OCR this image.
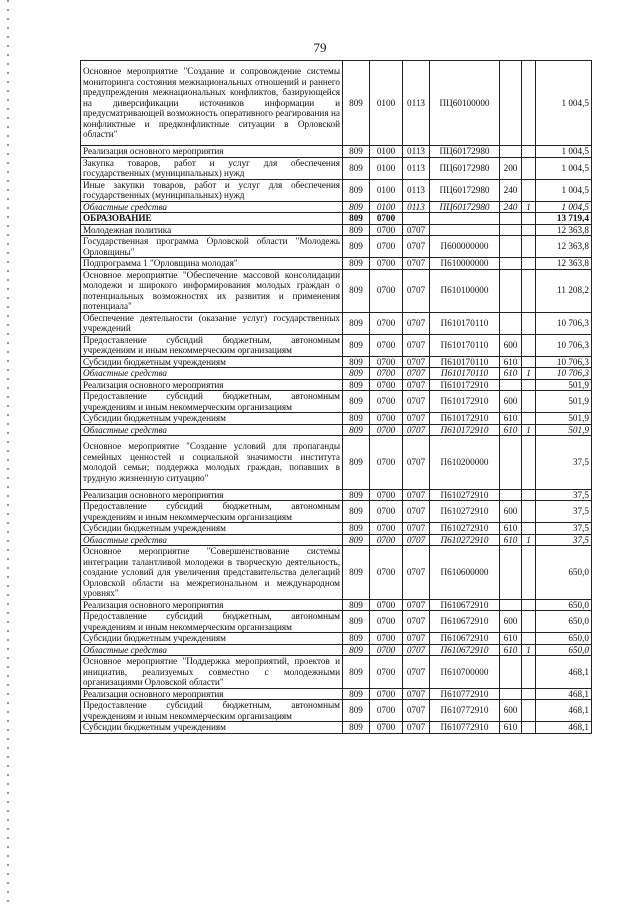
79
Основное мероприятие "Создание и сопровождение системы мониторинга состояния межнациональных отношений и раннего предупреждения межнациональных конфликтов, базирующейся на диверсификации источников информации и предусматривающей возможность оперативного реагирования на конфликтные и предконфликтные ситуации в Орловской области"	809	0100	0113	ПЦ60100000			1 004,5
Реализация основного мероприятия	809	0100	0113	ПЦ60172980			1 004,5
Закупка товаров, работ и услуг для обеспечения государственных (муниципальных) нужд	809	0100	0113	ПЦ60172980	200		1 004,5
Иные закупки товаров, работ и услуг для обеспечения государственных (муниципальных) нужд	809	0100	0113	ПЦ60172980	240		1 004,5
Областные средства	809	0100	0113	ПЦ60172980	240	1	1 004,5
ОБРАЗОВАНИЕ	809	0700					13 719,4
Молодежная политика	809	0700	0707				12 363,8
Государственная программа Орловской области "Молодежь Орловщины"	809	0700	0707	П600000000			12 363,8
Подпрограмма 1 "Орловщина молодая"	809	0700	0707	П610000000			12 363,8
Основное мероприятие "Обеспечение массовой консолидации молодежи и широкого информирования молодых граждан о потенциальных возможностях их развития и применения потенциала"	809	0700	0707	П610100000			11 208,2
Обеспечение деятельности (оказание услуг) государственных учреждений	809	0700	0707	П610170110			10 706,3
Предоставление субсидий бюджетным, автономным учреждениям и иным некоммерческим организациям	809	0700	0707	П610170110	600		10 706,3
Субсидии бюджетным учреждениям	809	0700	0707	П610170110	610		10 706,3
Областные средства	809	0700	0707	П610170110	610	1	10 706,3
Реализация основного мероприятия	809	0700	0707	П610172910			501,9
Предоставление субсидий бюджетным, автономным учреждениям и иным некоммерческим организациям	809	0700	0707	П610172910	600		501,9
Субсидии бюджетным учреждениям	809	0700	0707	П610172910	610		501,9
Областные средства	809	0700	0707	П610172910	610	1	501,9
Основное мероприятие "Создание условий для пропаганды семейных ценностей и социальной значимости института молодой семьи; поддержка молодых граждан, попавших в трудную жизненную ситуацию"	809	0700	0707	П610200000			37,5
Реализация основного мероприятия	809	0700	0707	П610272910			37,5
Предоставление субсидий бюджетным, автономным учреждениям и иным некоммерческим организациям	809	0700	0707	П610272910	600		37,5
Субсидии бюджетным учреждениям	809	0700	0707	П610272910	610		37,5
Областные средства	809	0700	0707	П610272910	610	1	37,5
Основное мероприятие "Совершенствование системы интеграции талантливой молодежи в творческую деятельность, создание условий для увеличения представительства делегаций Орловской области на межрегиональном и международном уровнях"	809	0700	0707	П610600000			650,0
Реализация основного мероприятия	809	0700	0707	П610672910			650,0
Предоставление субсидий бюджетным, автономным учреждениям и иным некоммерческим организациям	809	0700	0707	П610672910	600		650,0
Субсидии бюджетным учреждениям	809	0700	0707	П610672910	610		650,0
Областные средства	809	0700	0707	П610672910	610	1	650,0
Основное мероприятие "Поддержка мероприятий, проектов и инициатив, реализуемых совместно с молодежными организациями Орловской области"	809	0700	0707	П610700000			468,1
Реализация основного мероприятия	809	0700	0707	П610772910			468,1
Предоставление субсидий бюджетным, автономным учреждениям и иным некоммерческим организациям	809	0700	0707	П610772910	600		468,1
Субсидии бюджетным учреждениям	809	0700	0707	П610772910	610		468,1
